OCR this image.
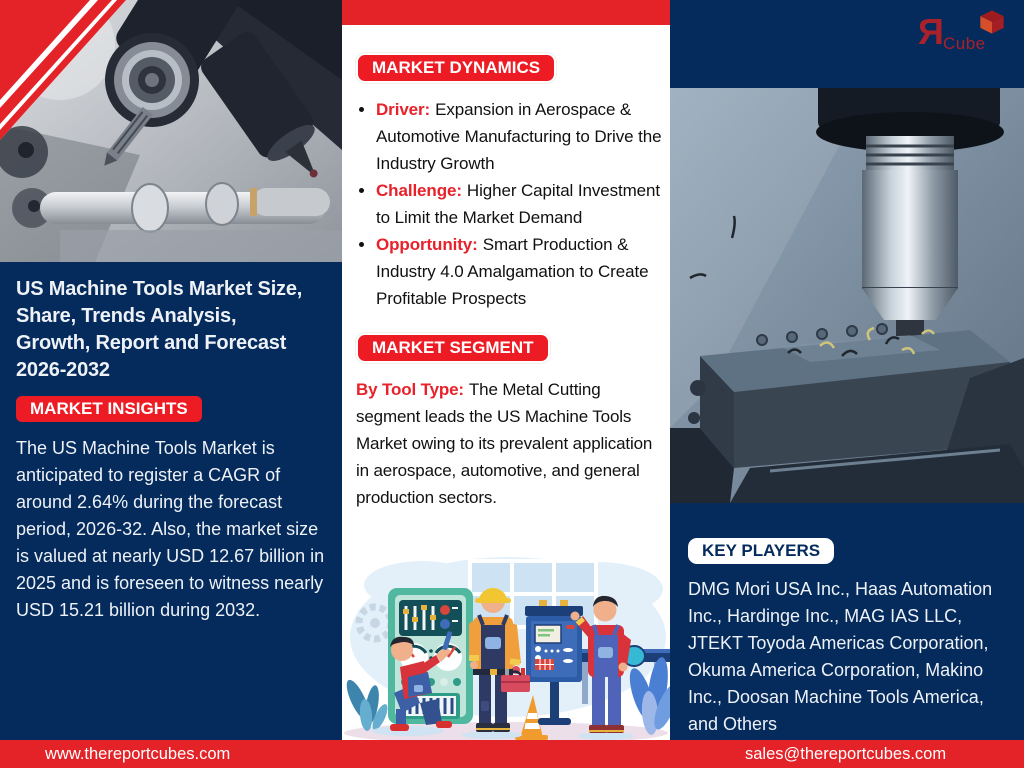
US Machine Tools Market Size,
Share, Trends Analysis,
Growth, Report and Forecast
2026-2032
MARKET INSIGHTS

The US Machine Tools Market is anticipated to register a CAGR of around 2.64% during the forecast period, 2026-32. Also, the market size is valued at nearly USD 12.67 billion in 2025 and is foreseen to witness nearly USD 15.21 billion during 2032.

MARKET DYNAMICS
• Driver: Expansion in Aerospace & Automotive Manufacturing to Drive the Industry Growth
• Challenge: Higher Capital Investment to Limit the Market Demand
• Opportunity: Smart Production & Industry 4.0 Amalgamation to Create Profitable Prospects
MARKET SEGMENT

By Tool Type: The Metal Cutting segment leads the US Machine Tools Market owing to its prevalent application in aerospace, automotive, and general production sectors.

Я Cube
KEY PLAYERS

DMG Mori USA Inc., Haas Automation Inc., Hardinge Inc., MAG IAS LLC, JTEKT Toyoda Americas Corporation, Okuma America Corporation, Makino Inc., Doosan Machine Tools America, and Others

www.thereportcubes.com	sales@thereportcubes.com
